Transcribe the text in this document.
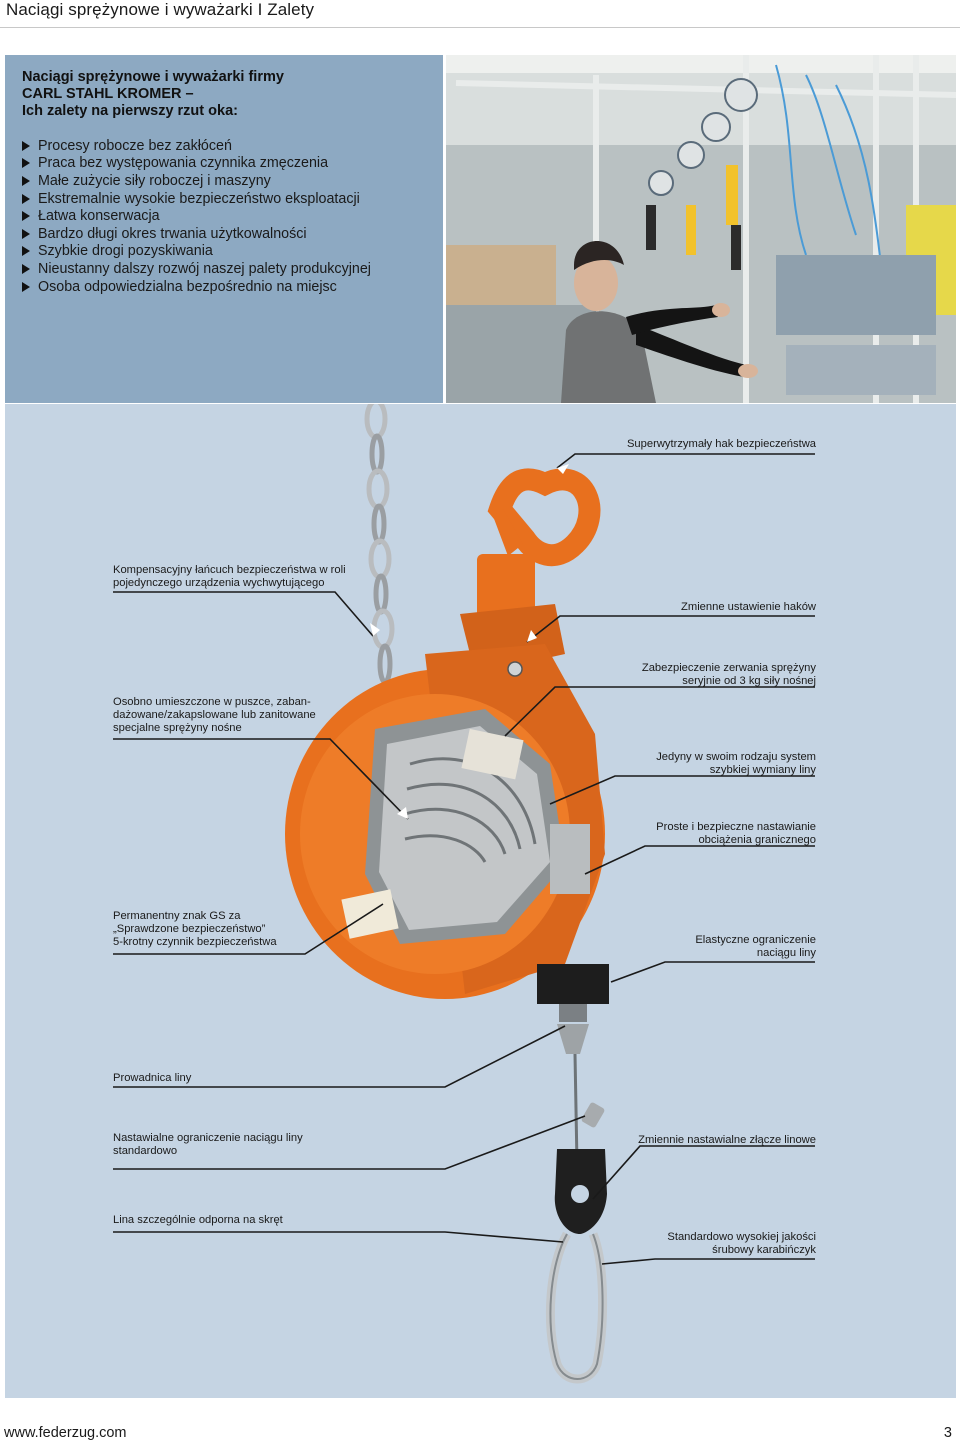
Naciągi sprężynowe i wyważarki I Zalety
Naciągi sprężynowe i wyważarki firmy
CARL STAHL KROMER –
Ich zalety na pierwszy rzut oka:
Procesy robocze bez zakłóceń
Praca bez występowania czynnika zmęczenia
Małe zużycie siły roboczej i maszyny
Ekstremalnie wysokie bezpieczeństwo eksploatacji
Łatwa konserwacja
Bardzo długi okres trwania użytkowalności
Szybkie drogi pozyskiwania
Nieustanny dalszy rozwój naszej palety produkcyjnej
Osoba odpowiedzialna bezpośrednio na miejsc
Superwytrzymały hak bezpieczeństwa
Kompensacyjny łańcuch bezpieczeństwa w roli
pojedynczego urządzenia wychwytującego
Zmienne ustawienie haków
Zabezpieczenie zerwania sprężyny
seryjnie od 3 kg siły nośnej
Osobno umieszczone w puszce, zaban-
dażowane/zakapslowane lub zanitowane
specjalne sprężyny nośne
Jedyny w swoim rodzaju system
szybkiej wymiany liny
Proste i bezpieczne nastawianie
obciążenia granicznego
Permanentny znak GS za
„Sprawdzone bezpieczeństwo”
5-krotny czynnik bezpieczeństwa	Elastyczne ograniczenie
naciągu liny
Prowadnica liny
Nastawialne ograniczenie naciągu liny
standardowo
Zmiennie nastawialne złącze linowe
Lina szczególnie odporna na skręt
Standardowo wysokiej jakości
śrubowy karabińczyk
www.federzug.com	3
